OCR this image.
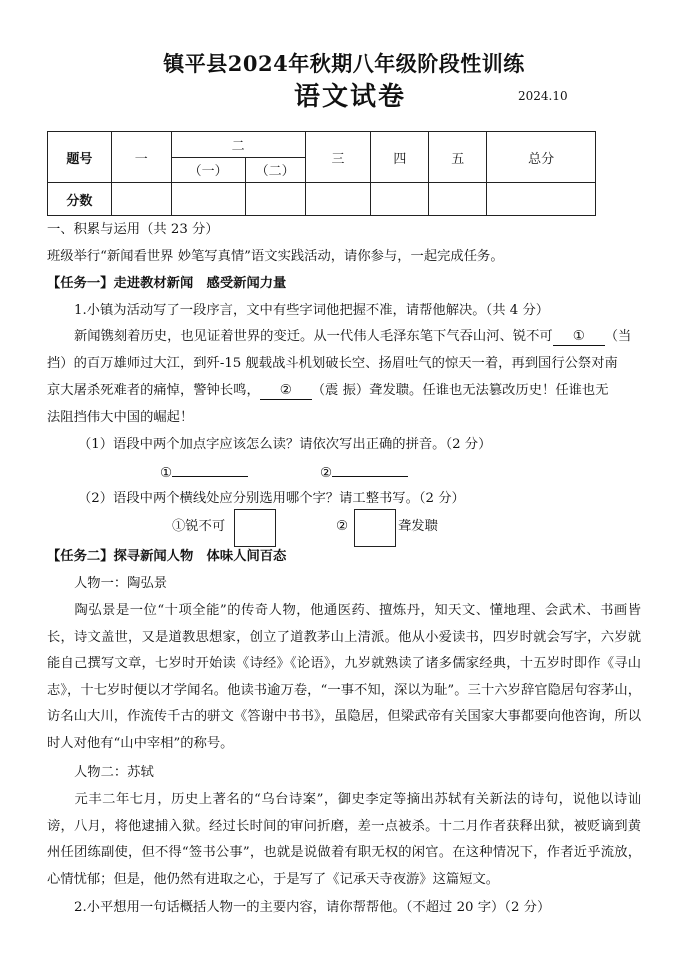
镇平县2024年秋期八年级阶段性训练
语文试卷	2024.10
题号	一	二		三	四	五	总分
		（一）	（二）				
分数							
一、积累与运用（共 23 分）
班级举行“新闻看世界 妙笔写真情”语文实践活动，请你参与，一起完成任务。
【任务一】走进教材新闻　感受新闻力量
1.小镇为活动写了一段序言，文中有些字词他把握不准，请帮他解决。（共 4 分）
新闻镌刻着历史，也见证着世界的变迁。从一代伟人毛泽东笔下气吞山河、锐不可 ① （当
挡）的百万雄师过大江，到歼-15 舰载战斗机划破长空、扬眉吐气的惊天一着，再到国行公祭对南
京大屠杀死难者的痛悼，警钟长鸣， ② （震 振）聋发聩。任谁也无法篡改历史！任谁也无
法阻挡伟大中国的崛起！
（1）语段中两个加点字应该怎么读？请依次写出正确的拼音。（2 分）
①	②
（2）语段中两个横线处应分别选用哪个字？请工整书写。（2 分）
①锐不可	②	聋发聩
【任务二】探寻新闻人物　体味人间百态
人物一：陶弘景
陶弘景是一位“十项全能”的传奇人物，他通医药、擅炼丹，知天文、懂地理、会武术、书画皆长，诗文盖世，又是道教思想家，创立了道教茅山上清派。他从小爱读书，四岁时就会写字，六岁就能自己撰写文章，七岁时开始读《诗经》《论语》，九岁就熟读了诸多儒家经典，十五岁时即作《寻山志》，十七岁时便以才学闻名。他读书逾万卷，“一事不知，深以为耻”。三十六岁辞官隐居句容茅山，访名山大川，作流传千古的骈文《答谢中书书》，虽隐居，但梁武帝有关国家大事都要向他咨询，所以时人对他有“山中宰相”的称号。
人物二：苏轼
元丰二年七月，历史上著名的“乌台诗案”，御史李定等摘出苏轼有关新法的诗句，说他以诗讪谤，八月，将他逮捕入狱。经过长时间的审问折磨，差一点被杀。十二月作者获释出狱，被贬谪到黄州任团练副使，但不得“签书公事”，也就是说做着有职无权的闲官。在这种情况下，作者近乎流放，心情忧郁；但是，他仍然有进取之心，于是写了《记承天寺夜游》这篇短文。
2.小平想用一句话概括人物一的主要内容，请你帮帮他。（不超过 20 字）（2 分）
